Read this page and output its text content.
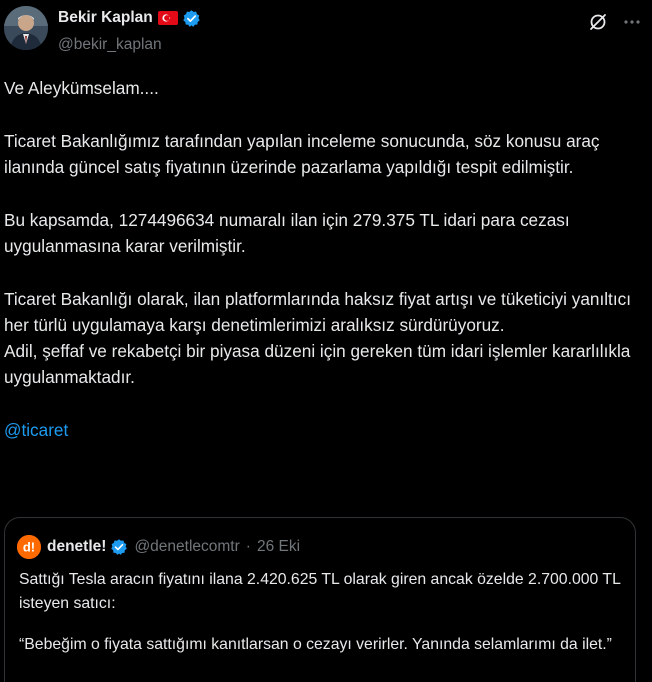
Bekir Kaplan
@bekir_kaplan

Ve Aleykümselam....

Ticaret Bakanlığımız tarafından yapılan inceleme sonucunda, söz konusu araç ilanında güncel satış fiyatının üzerinde pazarlama yapıldığı tespit edilmiştir.

Bu kapsamda, 1274496634 numaralı ilan için 279.375 TL idari para cezası uygulanmasına karar verilmiştir.

Ticaret Bakanlığı olarak, ilan platformlarında haksız fiyat artışı ve tüketiciyi yanıltıcı her türlü uygulamaya karşı denetimlerimizi aralıksız sürdürüyoruz.

Adil, şeffaf ve rekabetçi bir piyasa düzeni için gereken tüm idari işlemler kararlılıkla uygulanmaktadır.

@ticaret

d! denetle! @denetlecomtr · 26 Eki

Sattığı Tesla aracın fiyatını ilana 2.420.625 TL olarak giren ancak özelde 2.700.000 TL isteyen satıcı:

“Bebeğim o fiyata sattığımı kanıtlarsan o cezayı verirler. Yanında selamlarımı da ilet.”
